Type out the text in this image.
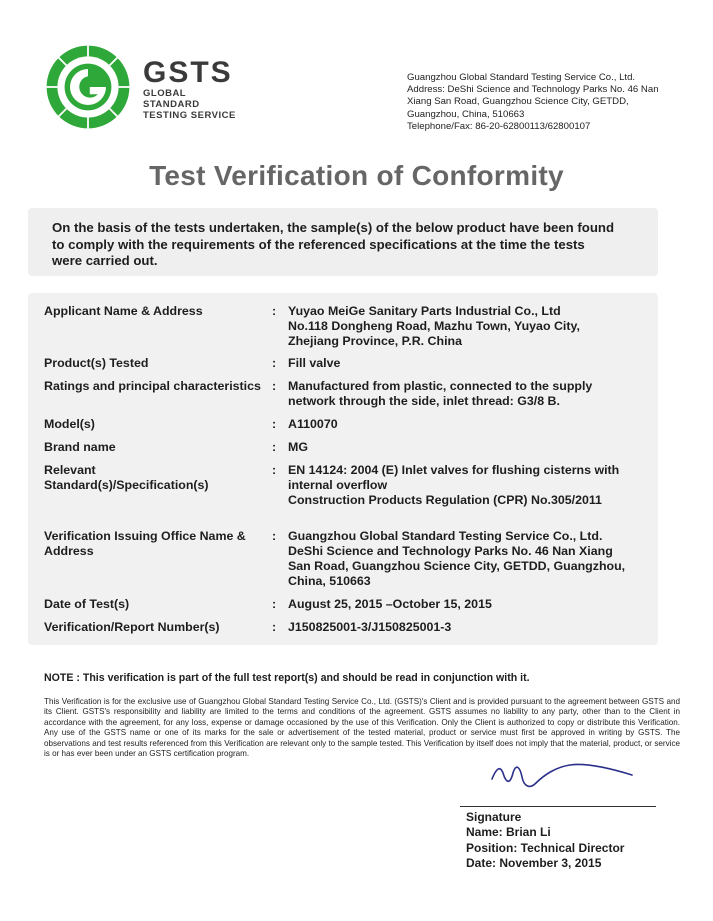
GSTS
GLOBAL
STANDARD
TESTING SERVICE
Guangzhou Global Standard Testing Service Co., Ltd.
Address: DeShi Science and Technology Parks No. 46 Nan
Xiang San Road, Guangzhou Science City, GETDD,
Guangzhou, China, 510663
Telephone/Fax: 86-20-62800113/62800107
Test Verification of Conformity
On the basis of the tests undertaken, the sample(s) of the below product have been found
to comply with the requirements of the referenced specifications at the time the tests
were carried out.
Applicant Name & Address	: Yuyao MeiGe Sanitary Parts Industrial Co., Ltd
No.118 Dongheng Road, Mazhu Town, Yuyao City,
Zhejiang Province, P.R. China
Product(s) Tested	: Fill valve
Ratings and principal characteristics : Manufactured from plastic, connected to the supply
network through the side, inlet thread: G3/8 B.
Model(s)	: A110070
Brand name	: MG
Relevant
Standard(s)/Specification(s)
: EN 14124: 2004 (E) Inlet valves for flushing cisterns with
internal overflow
Construction Products Regulation (CPR) No.305/2011
Verification Issuing Office Name &
Address
: Guangzhou Global Standard Testing Service Co., Ltd.
DeShi Science and Technology Parks No. 46 Nan Xiang
San Road, Guangzhou Science City, GETDD, Guangzhou,
China, 510663
Date of Test(s)	: August 25, 2015 –October 15, 2015
Verification/Report Number(s)	: J150825001-3/J150825001-3
NOTE : This verification is part of the full test report(s) and should be read in conjunction with it.
This Verification is for the exclusive use of Guangzhou Global Standard Testing Service Co., Ltd. (GSTS)'s Client and is provided pursuant to the agreement between GSTS and its Client. GSTS's responsibility and liability are limited to the terms and conditions of the agreement. GSTS assumes no liability to any party, other than to the Client in accordance with the agreement, for any loss, expense or damage occasioned by the use of this Verification. Only the Client is authorized to copy or distribute this Verification. Any use of the GSTS name or one of its marks for the sale or advertisement of the tested material, product or service must first be approved in writing by GSTS. The observations and test results referenced from this Verification are relevant only to the sample tested. This Verification by itself does not imply that the material, product, or service is or has ever been under an GSTS certification program.
Signature
Name: Brian Li
Position: Technical Director
Date: November 3, 2015
